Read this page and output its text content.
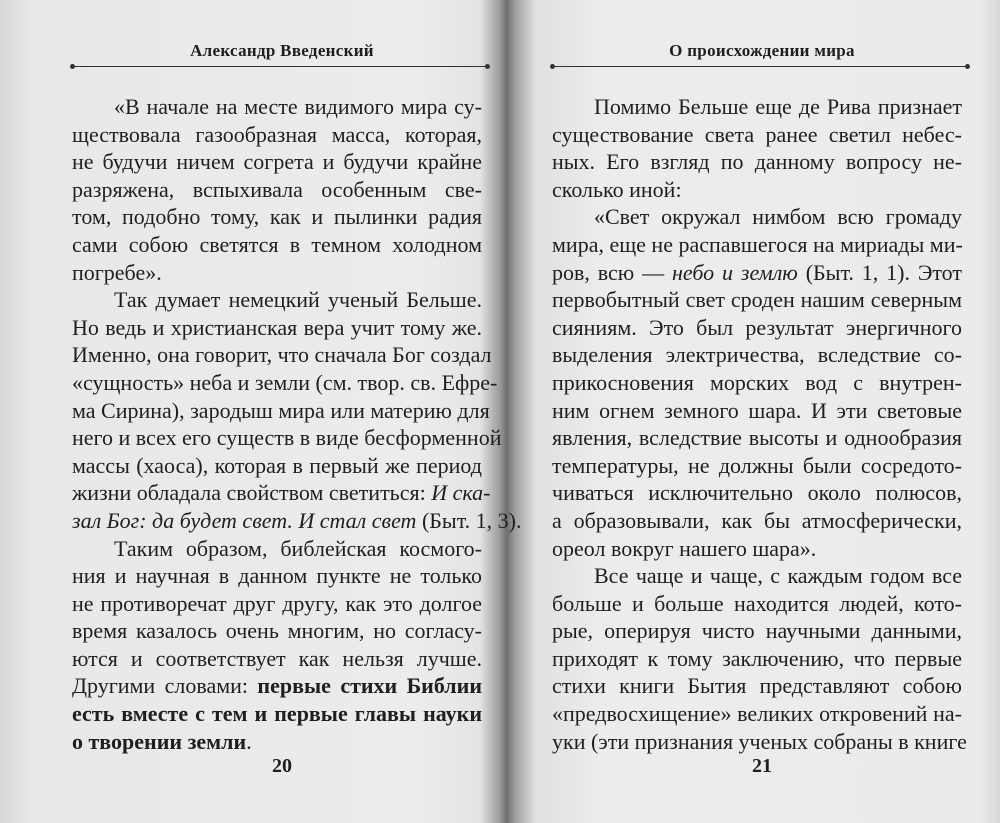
Александр Введенский
«В начале на месте видимого мира су-
ществовала газообразная масса, которая,
не будучи ничем согрета и будучи крайне
разряжена, вспыхивала особенным све-
том, подобно тому, как и пылинки радия
сами собою светятся в темном холодном
погребе».
Так думает немецкий ученый Бельше.
Но ведь и христианская вера учит тому же.
Именно, она говорит, что сначала Бог создал
«сущность» неба и земли (см. твор. св. Ефре-
ма Сирина), зародыш мира или материю для
него и всех его существ в виде бесформенной
массы (хаоса), которая в первый же период
жизни обладала свойством светиться: И ска-
зал Бог: да будет свет. И стал свет (Быт. 1, 3).
Таким образом, библейская космого-
ния и научная в данном пункте не только
не противоречат друг другу, как это долгое
время казалось очень многим, но согласу-
ются и соответствует как нельзя лучше.
Другими словами: первые стихи Библии
есть вместе с тем и первые главы науки
о творении земли.
20
О происхождении мира
Помимо Бельше еще де Рива признает
существование света ранее светил небес-
ных. Его взгляд по данному вопросу не-
сколько иной:
«Свет окружал нимбом всю громаду
мира, еще не распавшегося на мириады ми-
ров, всю — небо и землю (Быт. 1, 1). Этот
первобытный свет сроден нашим северным
сияниям. Это был результат энергичного
выделения электричества, вследствие со-
прикосновения морских вод с внутрен-
ним огнем земного шара. И эти световые
явления, вследствие высоты и однообразия
температуры, не должны были сосредото-
чиваться исключительно около полюсов,
а образовывали, как бы атмосферически,
ореол вокруг нашего шара».
Все чаще и чаще, с каждым годом все
больше и больше находится людей, кото-
рые, оперируя чисто научными данными,
приходят к тому заключению, что первые
стихи книги Бытия представляют собою
«предвосхищение» великих откровений на-
уки (эти признания ученых собраны в книге
21
